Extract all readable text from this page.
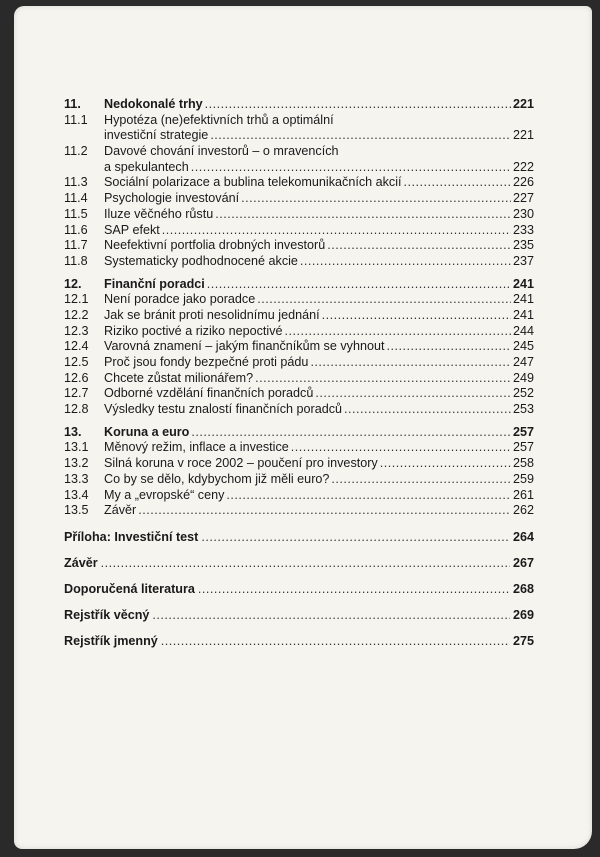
11.	Nedokonalé trhy .....	221
11.1	Hypotéza (ne)efektivních trhů a optimální
investiční strategie .....	221
11.2	Davové chování investorů – o mravencích
a spekulantech .....	222
11.3	Sociální polarizace a bublina telekomunikačních akcií .....	226
11.4	Psychologie investování .....	227
11.5	Iluze věčného růstu .....	230
11.6	SAP efekt .....	233
11.7	Neefektivní portfolia drobných investorů .....	235
11.8	Systematicky podhodnocené akcie .....	237
12.	Finanční poradci .....	241
12.1	Není poradce jako poradce .....	241
12.2	Jak se bránit proti nesolidnímu jednání .....	241
12.3	Riziko poctivé a riziko nepoctivé .....	244
12.4	Varovná znamení – jakým finančníkům se vyhnout .....	245
12.5	Proč jsou fondy bezpečné proti pádu .....	247
12.6	Chcete zůstat milionářem? .....	249
12.7	Odborné vzdělání finančních poradců .....	252
12.8	Výsledky testu znalostí finančních poradců .....	253
13.	Koruna a euro .....	257
13.1	Měnový režim, inflace a investice .....	257
13.2	Silná koruna v roce 2002 – poučení pro investory .....	258
13.3	Co by se dělo, kdybychom již měli euro? .....	259
13.4	My a „evropské“ ceny .....	261
13.5	Závěr .....	262
Příloha: Investiční test .....	264
Závěr .....	267
Doporučená literatura .....	268
Rejstřík věcný .....	269
Rejstřík jmenný .....	275
